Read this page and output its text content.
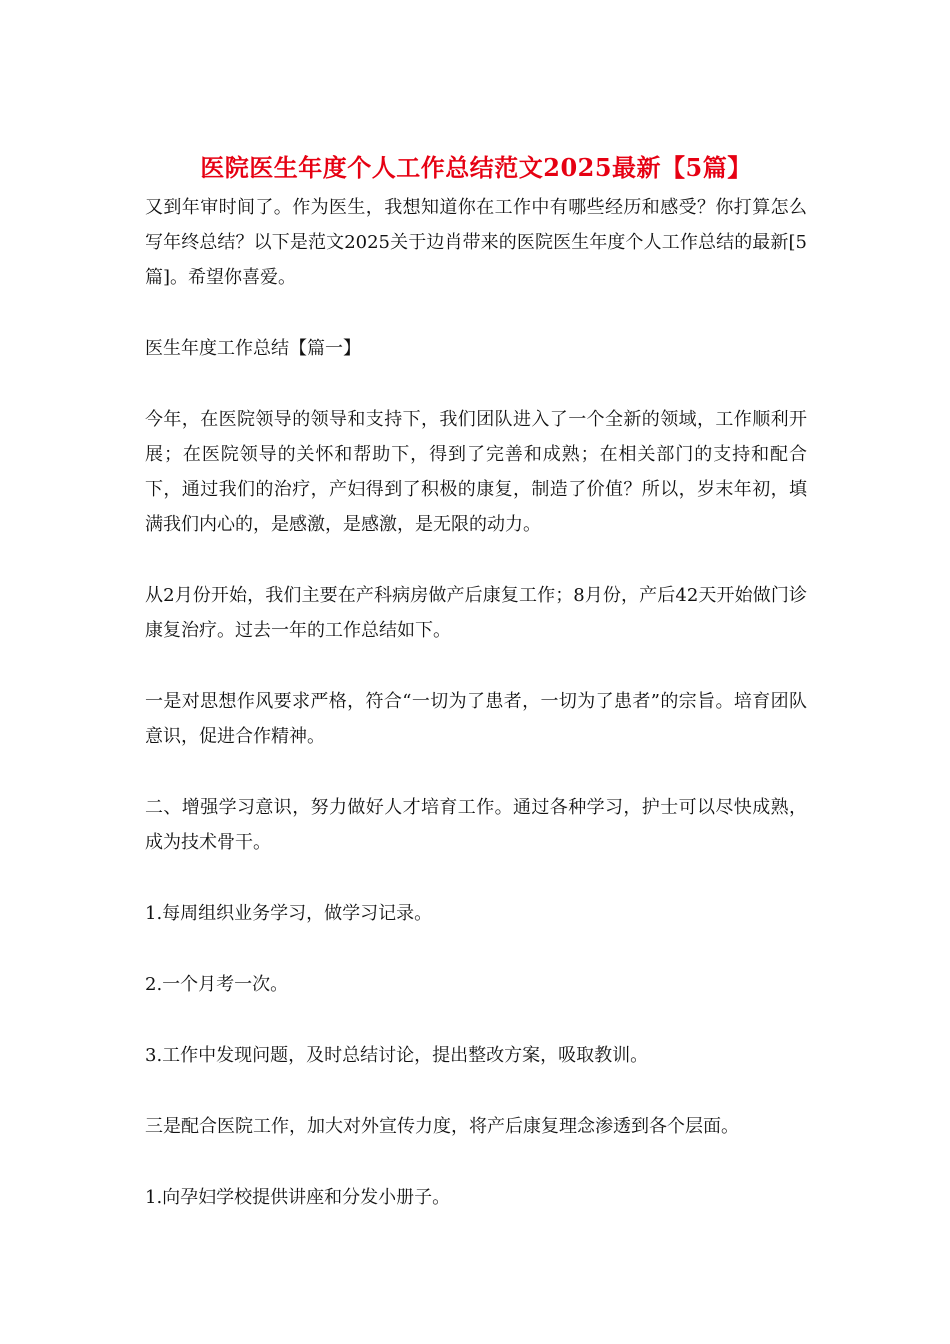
医院医生年度个人工作总结范文2025最新【5篇】

又到年审时间了。作为医生，我想知道你在工作中有哪些经历和感受？你打算怎么写年终总结？以下是范文2025关于边肖带来的医院医生年度个人工作总结的最新[5篇]。希望你喜爱。

医生年度工作总结【篇一】

今年，在医院领导的领导和支持下，我们团队进入了一个全新的领域，工作顺利开展；在医院领导的关怀和帮助下，得到了完善和成熟；在相关部门的支持和配合下，通过我们的治疗，产妇得到了积极的康复，制造了价值？所以，岁末年初，填满我们内心的，是感激，是感激，是无限的动力。

从2月份开始，我们主要在产科病房做产后康复工作；8月份，产后42天开始做门诊康复治疗。过去一年的工作总结如下。

一是对思想作风要求严格，符合“一切为了患者，一切为了患者”的宗旨。培育团队意识，促进合作精神。

二、增强学习意识，努力做好人才培育工作。通过各种学习，护士可以尽快成熟，成为技术骨干。

1.每周组织业务学习，做学习记录。

2.一个月考一次。

3.工作中发现问题，及时总结讨论，提出整改方案，吸取教训。

三是配合医院工作，加大对外宣传力度，将产后康复理念渗透到各个层面。

1.向孕妇学校提供讲座和分发小册子。
